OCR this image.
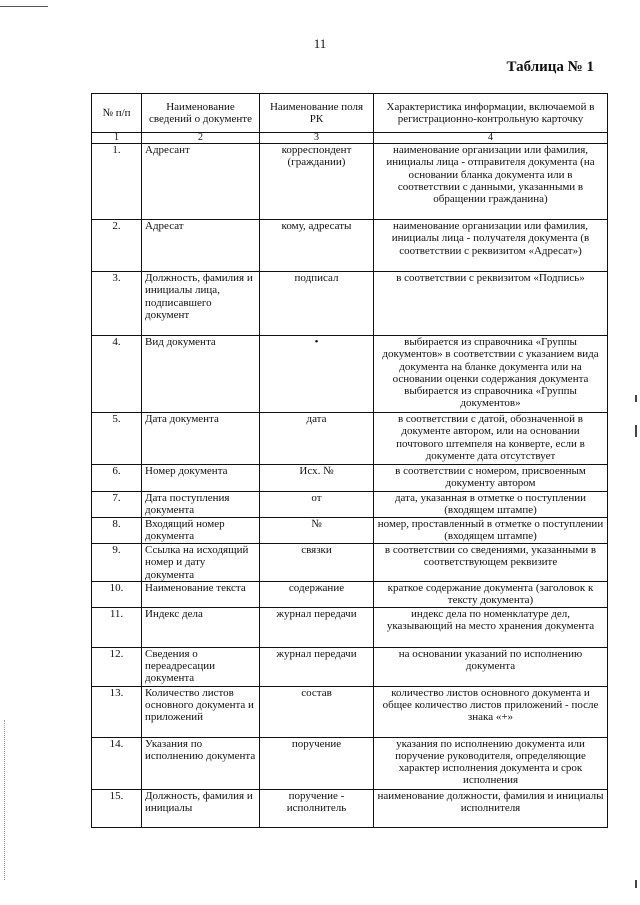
11
Таблица № 1
№ п/п	Наименование сведений о документе	Наименование поля РК	Характеристика информации, включаемой в регистрационно-контрольную карточку
1	2	3	4
1.	Адресант	корреспондент (граждании)	наименование организации или фамилия, инициалы лица - отправителя документа (на основании бланка документа или в соответствии с данными, указанными в обращении гражданина)
2.	Адресат	кому, адресаты	наименование организации или фамилия, инициалы лица - получателя документа (в соответствии с реквизитом «Адресат»)
3.	Должность, фамилия и инициалы лица, подписавшего документ	подписал	в соответствии с реквизитом «Подпись»
4.	Вид документа	•	выбирается из справочника «Группы документов» в соответствии с указанием вида документа на бланке документа или на основании оценки содержания документа выбирается из справочника «Группы документов»
5.	Дата документа	дата	в соответствии с датой, обозначенной в документе автором, или на основании почтового штемпеля на конверте, если в документе дата отсутствует
6.	Номер документа	Исх. №	в соответствии с номером, присвоенным документу автором
7.	Дата поступления документа	от	дата, указанная в отметке о поступлении (входящем штампе)
8.	Входящий номер документа	№	номер, проставленный в отметке о поступлении (входящем штампе)
9.	Ссылка на исходящий номер и дату документа	связки	в соответствии со сведениями, указанными в соответствующем реквизите
10.	Наименование текста	содержание	краткое содержание документа (заголовок к тексту документа)
11.	Индекс дела	журнал передачи	индекс дела по номенклатуре дел, указывающий на место хранения документа
12.	Сведения о переадресации документа	журнал передачи	на основании указаний по исполнению документа
13.	Количество листов основного документа и приложений	состав	количество листов основного документа и общее количество листов приложений - после знака «+»
14.	Указания по исполнению документа	поручение	указания по исполнению документа или поручение руководителя, определяющие характер исполнения документа и срок исполнения
15.	Должность, фамилия и инициалы	поручение - исполнитель	наименование должности, фамилия и инициалы исполнителя
